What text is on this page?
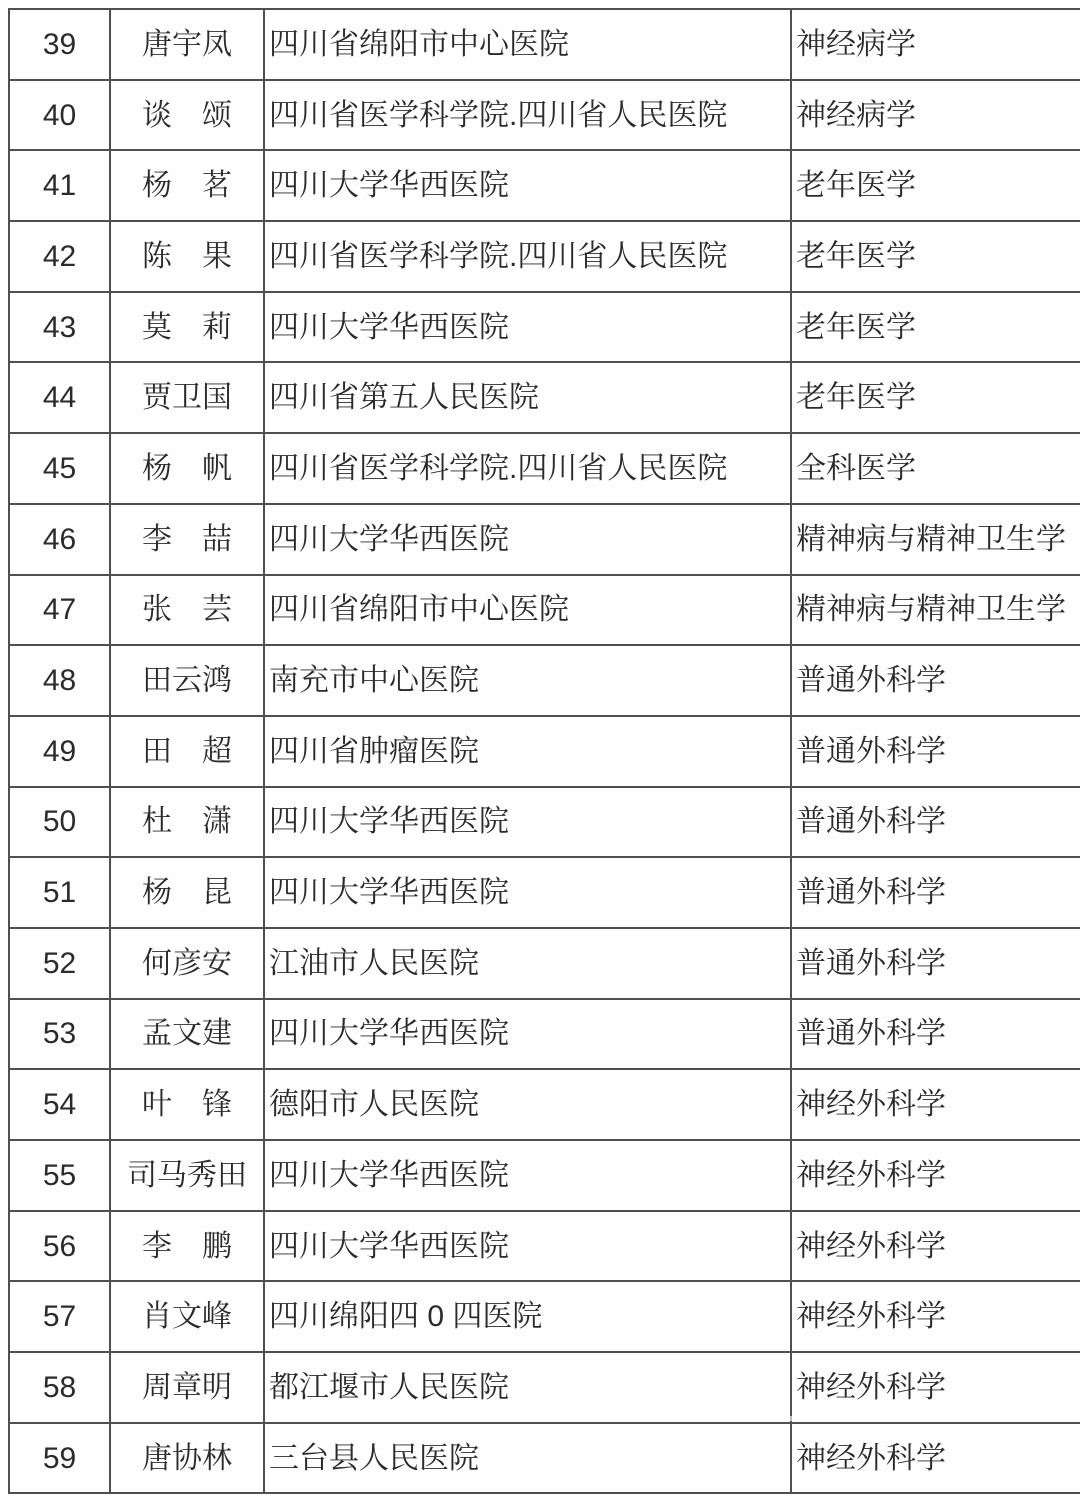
39	唐宇凤	四川省绵阳市中心医院	神经病学
40	谈　颂	四川省医学科学院.四川省人民医院	神经病学
41	杨　茗	四川大学华西医院	老年医学
42	陈　果	四川省医学科学院.四川省人民医院	老年医学
43	莫　莉	四川大学华西医院	老年医学
44	贾卫国	四川省第五人民医院	老年医学
45	杨　帆	四川省医学科学院.四川省人民医院	全科医学
46	李　喆	四川大学华西医院	精神病与精神卫生学
47	张　芸	四川省绵阳市中心医院	精神病与精神卫生学
48	田云鸿	南充市中心医院	普通外科学
49	田　超	四川省肿瘤医院	普通外科学
50	杜　潇	四川大学华西医院	普通外科学
51	杨　昆	四川大学华西医院	普通外科学
52	何彦安	江油市人民医院	普通外科学
53	孟文建	四川大学华西医院	普通外科学
54	叶　锋	德阳市人民医院	神经外科学
55	司马秀田	四川大学华西医院	神经外科学
56	李　鹏	四川大学华西医院	神经外科学
57	肖文峰	四川绵阳四 0 四医院	神经外科学
58	周章明	都江堰市人民医院	神经外科学
59	唐协林	三台县人民医院	神经外科学
